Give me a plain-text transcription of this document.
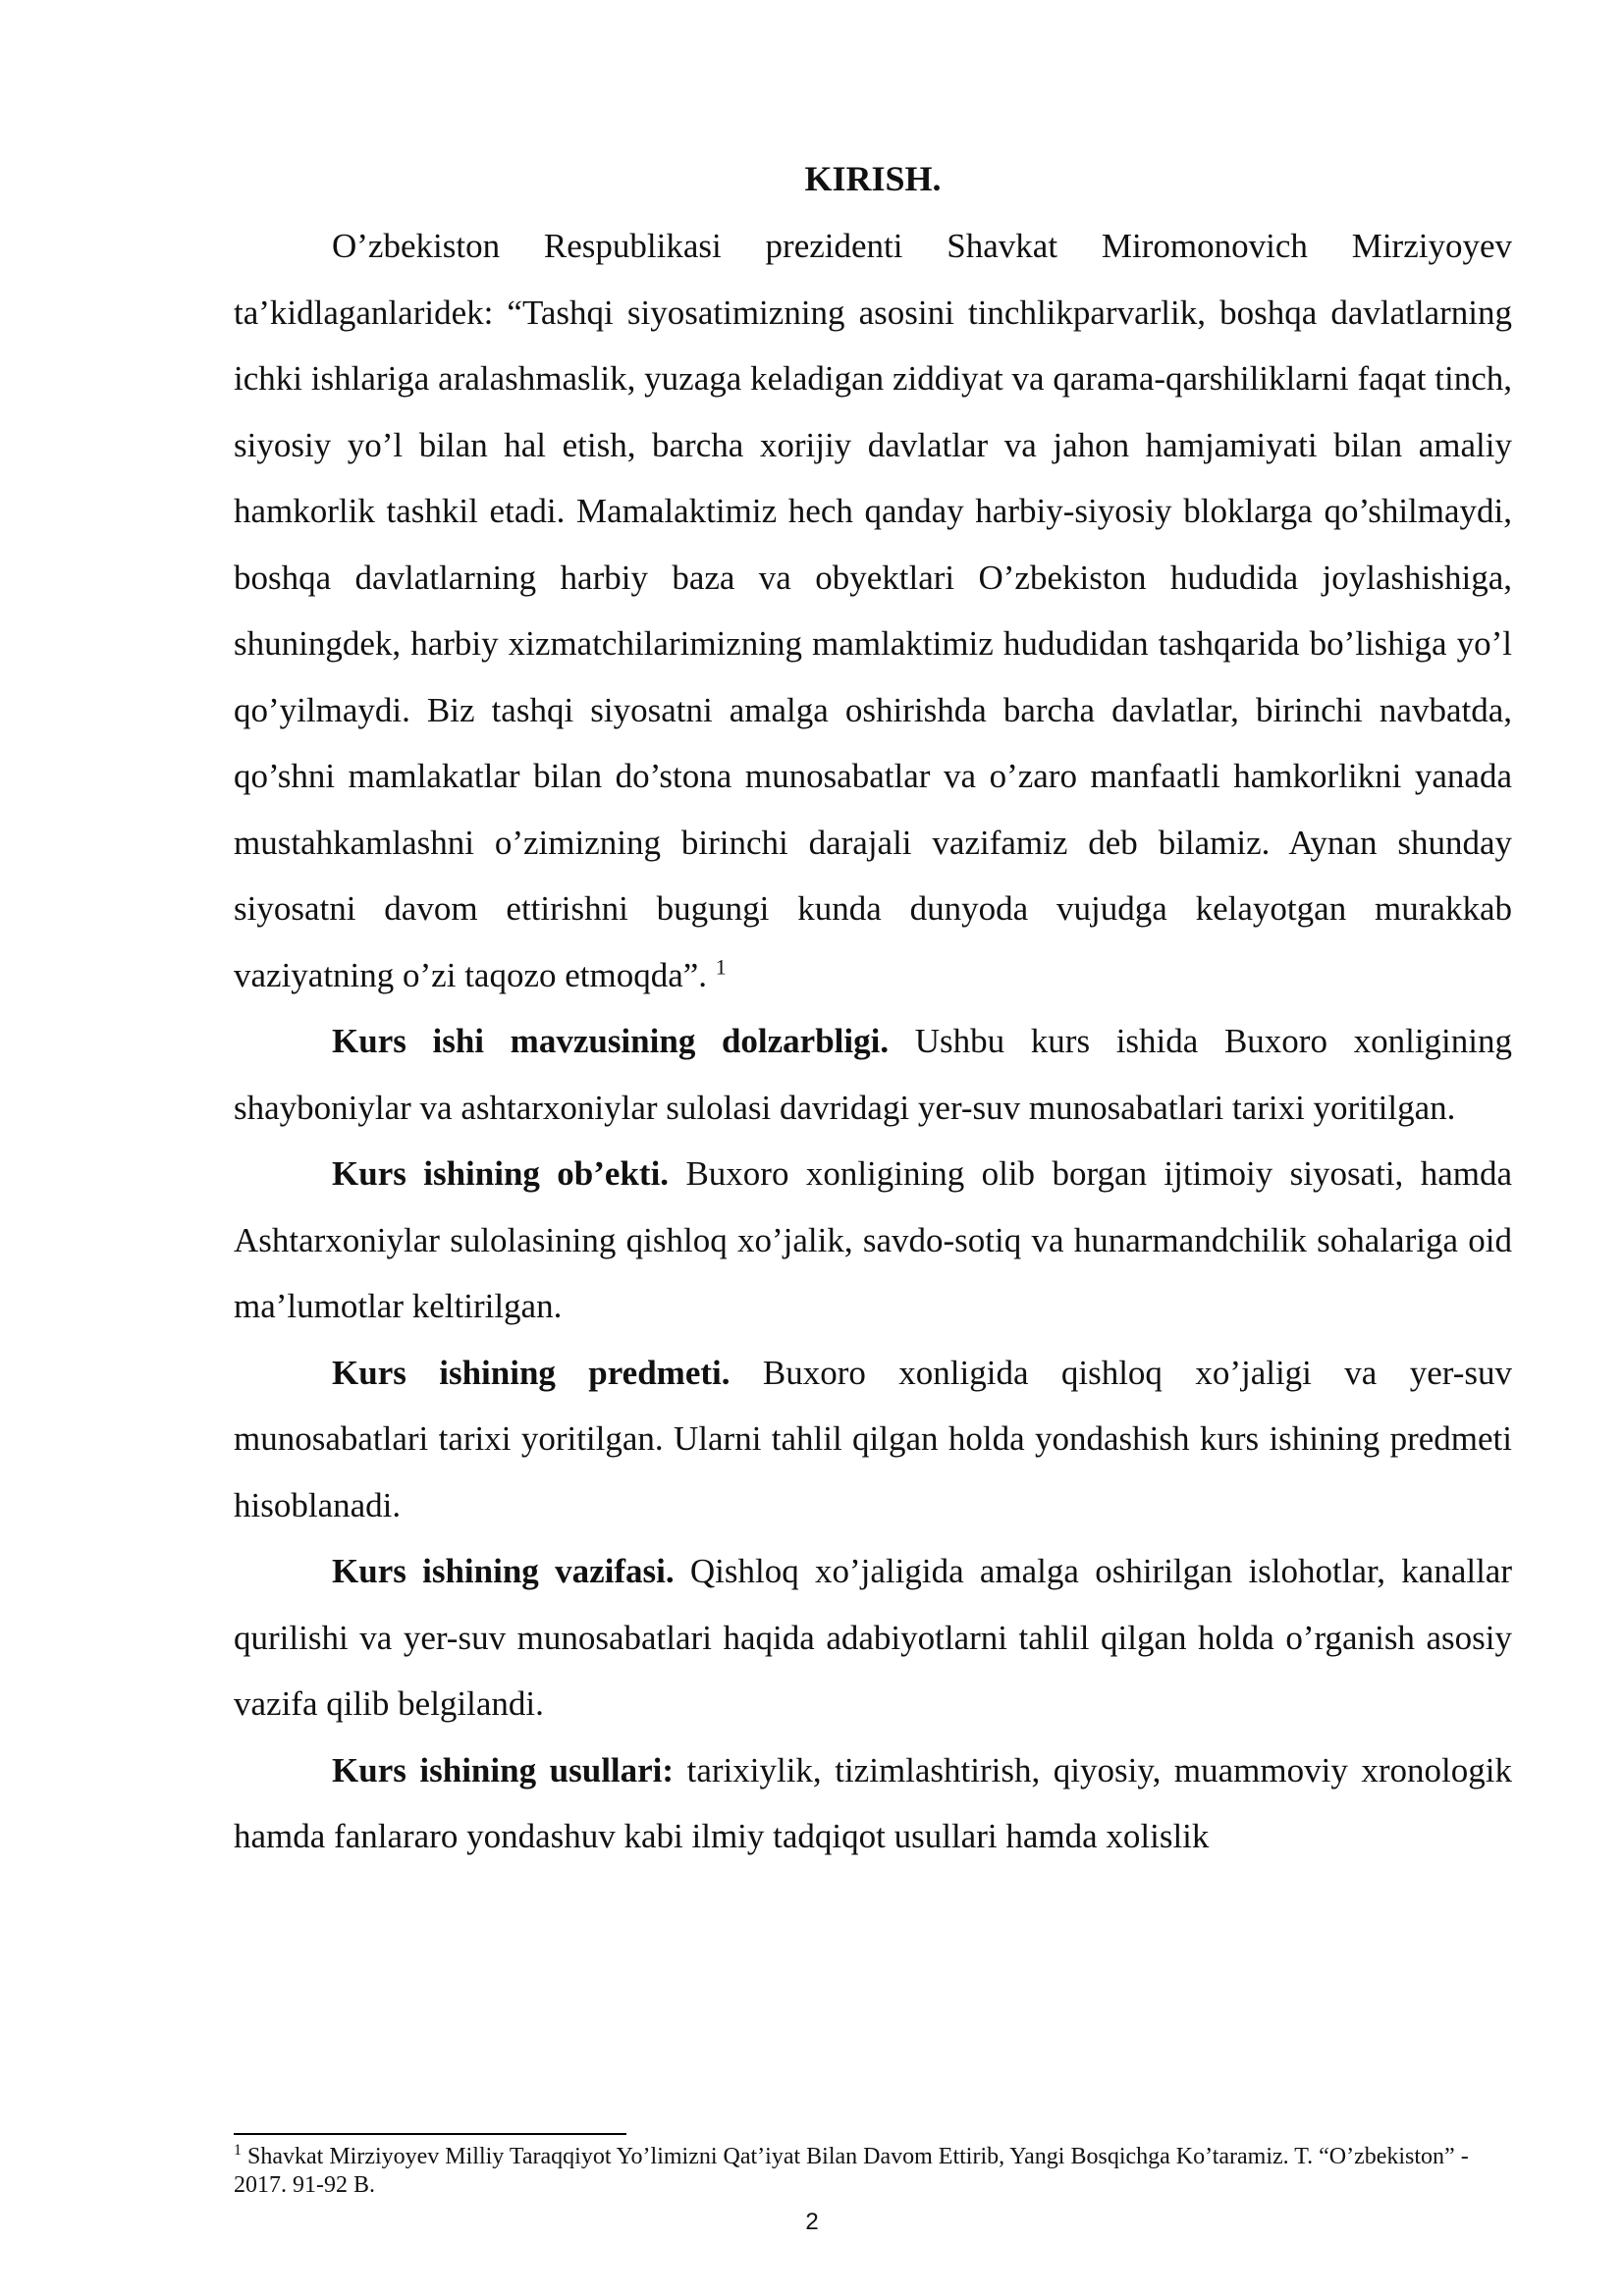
KIRISH.

O’zbekiston Respublikasi prezidenti Shavkat Miromonovich Mirziyoyev ta’kidlaganlaridek: “Tashqi siyosatimizning asosini tinchlikparvarlik, boshqa davlatlarning ichki ishlariga aralashmaslik, yuzaga keladigan ziddiyat va qarama-qarshiliklarni faqat tinch, siyosiy yo’l bilan hal etish, barcha xorijiy davlatlar va jahon hamjamiyati bilan amaliy hamkorlik tashkil etadi. Mamalaktimiz hech qanday harbiy-siyosiy bloklarga qo’shilmaydi, boshqa davlatlarning harbiy baza va obyektlari O’zbekiston hududida joylashishiga, shuningdek, harbiy xizmatchilarimizning mamlaktimiz hududidan tashqarida bo’lishiga yo’l qo’yilmaydi. Biz tashqi siyosatni amalga oshirishda barcha davlatlar, birinchi navbatda, qo’shni mamlakatlar bilan do’stona munosabatlar va o’zaro manfaatli hamkorlikni yanada mustahkamlashni o’zimizning birinchi darajali vazifamiz deb bilamiz. Aynan shunday siyosatni davom ettirishni bugungi kunda dunyoda vujudga kelayotgan murakkab vaziyatning o’zi taqozo etmoqda”. $^1$

Kurs ishi mavzusining dolzarbligi. Ushbu kurs ishida Buxoro xonligining shayboniylar va ashtarxoniylar sulolasi davridagi yer-suv munosabatlari tarixi yoritilgan.

Kurs ishining ob’ekti. Buxoro xonligining olib borgan ijtimoiy siyosati, hamda Ashtarxoniylar sulolasining qishloq xo’jalik, savdo-sotiq va hunarmandchilik sohalariga oid ma’lumotlar keltirilgan.

Kurs ishining predmeti. Buxoro xonligida qishloq xo’jaligi va yer-suv munosabatlari tarixi yoritilgan. Ularni tahlil qilgan holda yondashish kurs ishining predmeti hisoblanadi.

Kurs ishining vazifasi. Qishloq xo’jaligida amalga oshirilgan islohotlar, kanallar qurilishi va yer-suv munosabatlari haqida adabiyotlarni tahlil qilgan holda o’rganish asosiy vazifa qilib belgilandi.

Kurs ishining usullari: tarixiylik, tizimlashtirish, qiyosiy, muammoviy xronologik hamda fanlararo yondashuv kabi ilmiy tadqiqot usullari hamda xolislik

$^1$ Shavkat Mirziyoyev Milliy Taraqqiyot Yo’limizni Qat’iyat Bilan Davom Ettirib, Yangi Bosqichga Ko’taramiz. T. “O’zbekiston” - 2017. 91-92 B.
2
